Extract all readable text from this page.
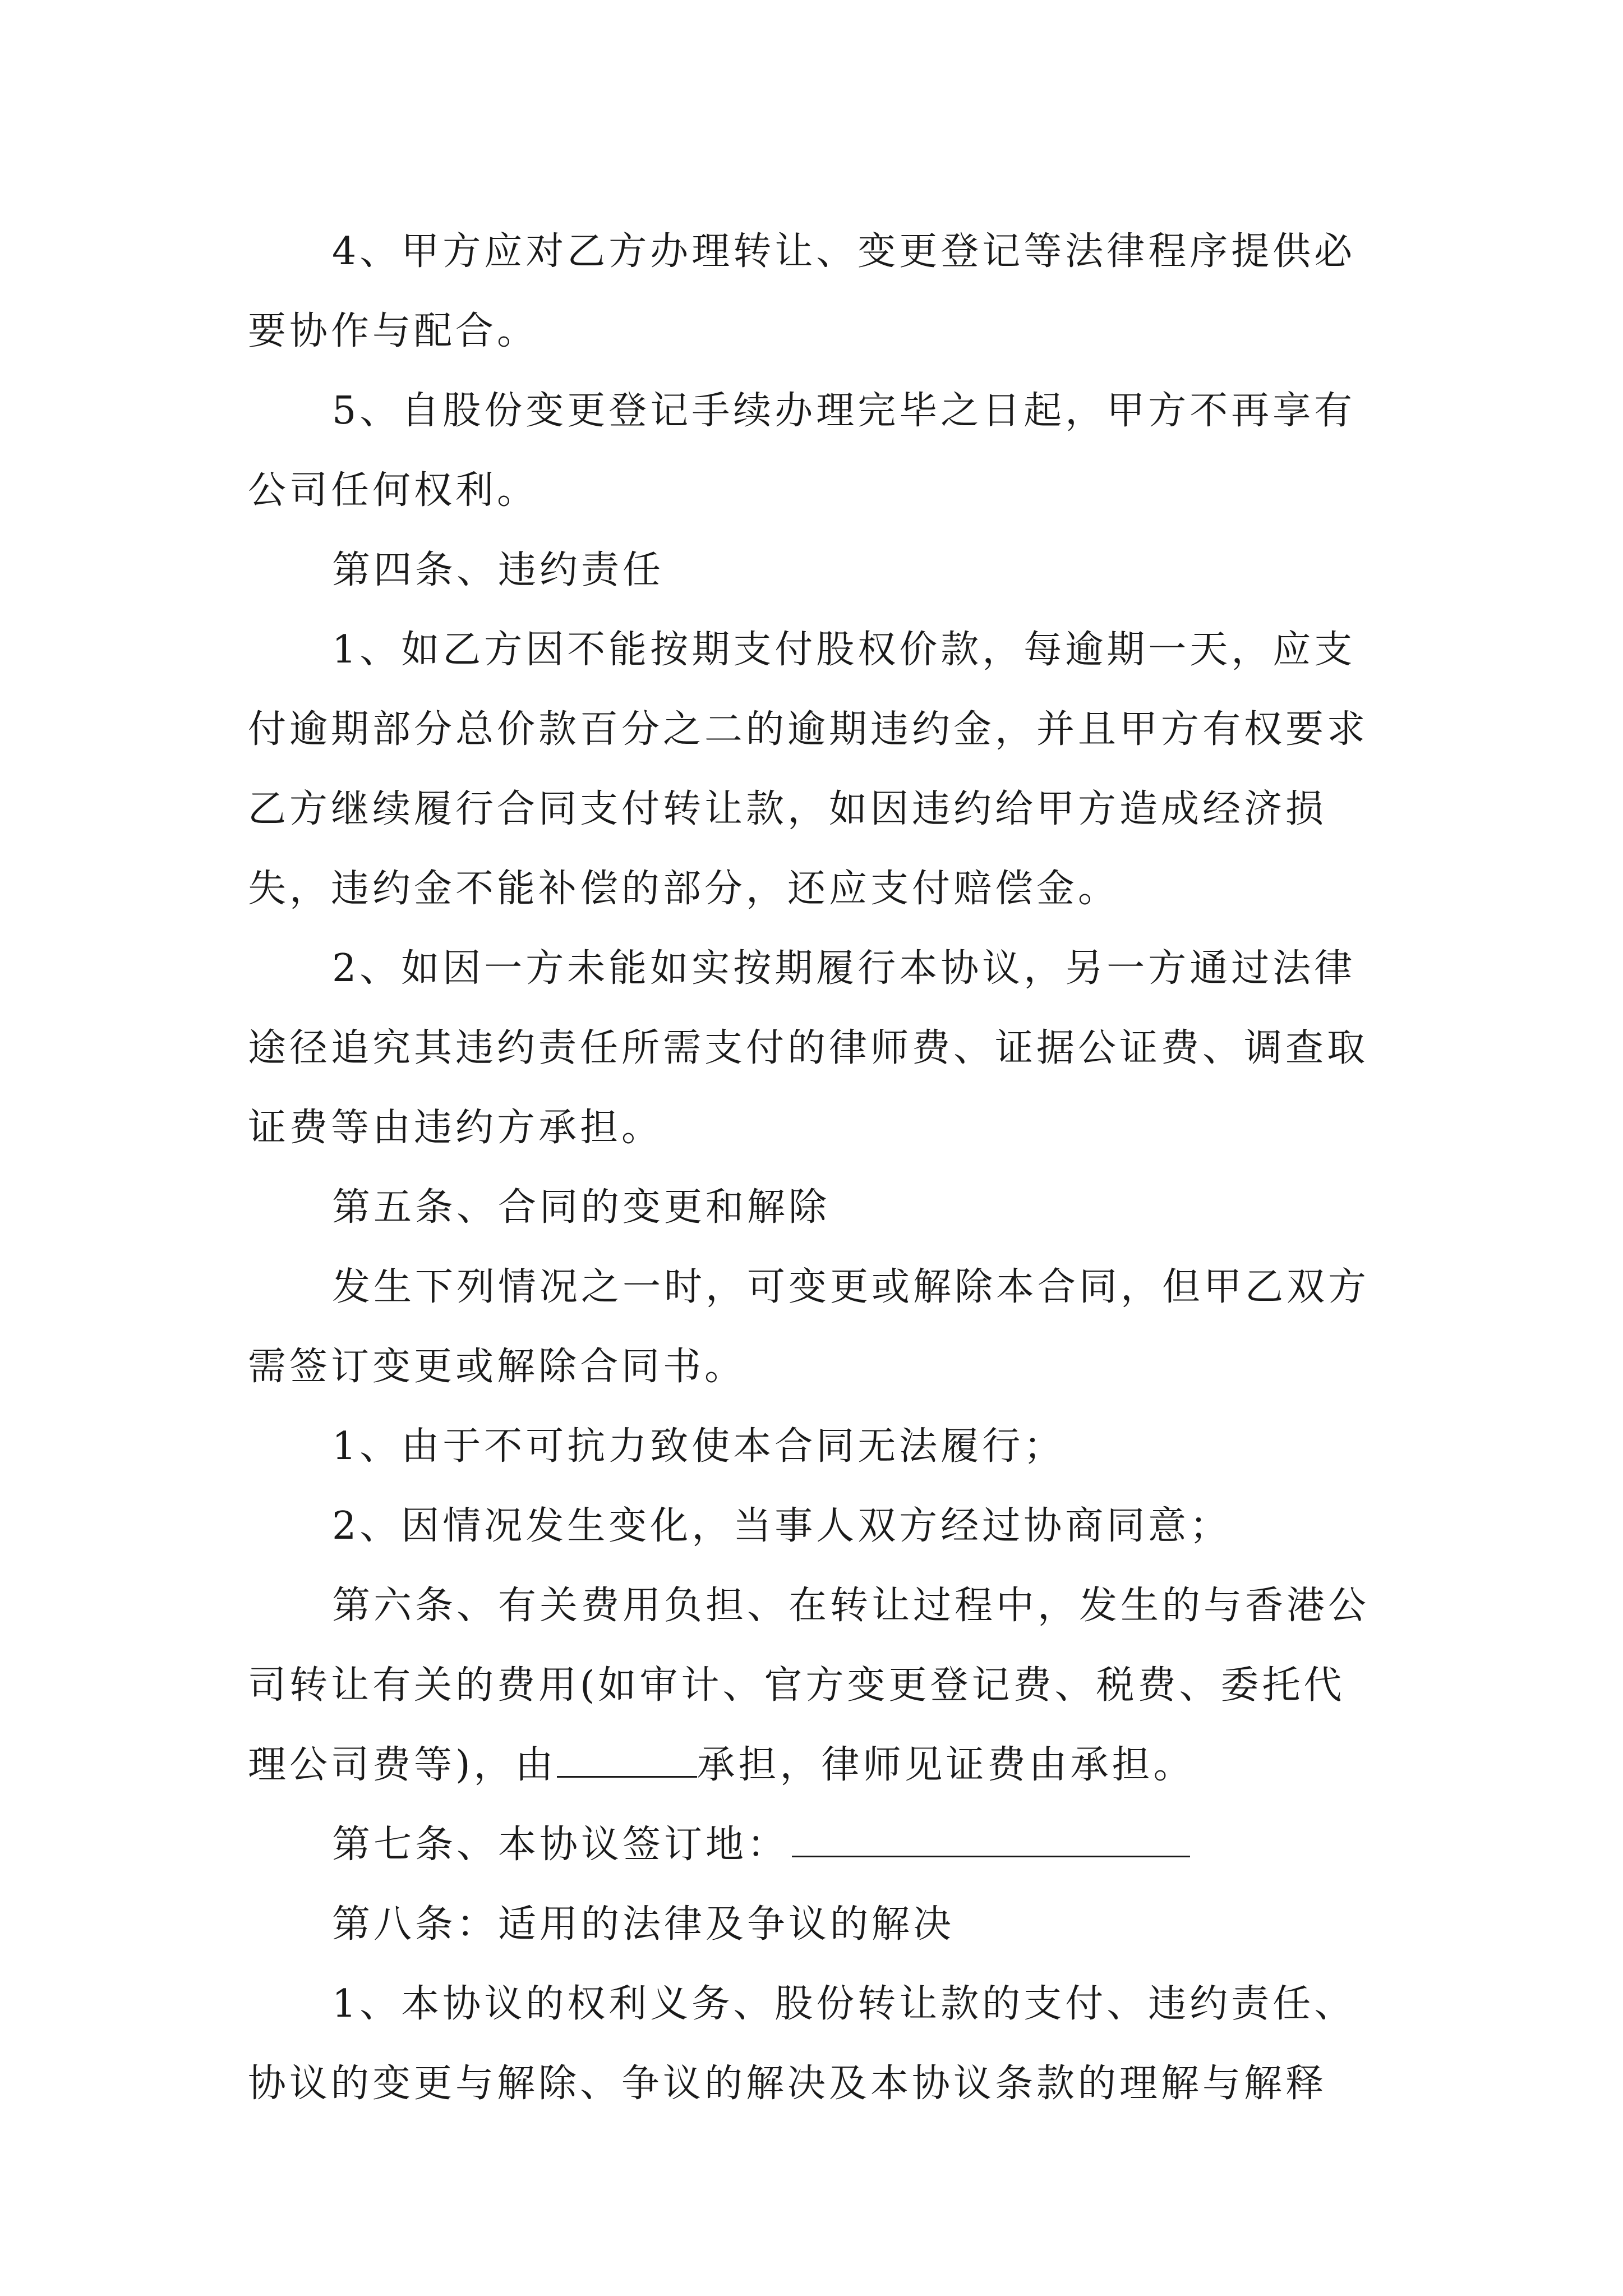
4、甲方应对乙方办理转让、变更登记等法律程序提供必要协作与配合。

5、自股份变更登记手续办理完毕之日起，甲方不再享有公司任何权利。

第四条、违约责任

1、如乙方因不能按期支付股权价款，每逾期一天，应支付逾期部分总价款百分之二的逾期违约金，并且甲方有权要求乙方继续履行合同支付转让款，如因违约给甲方造成经济损失，违约金不能补偿的部分，还应支付赔偿金。

2、如因一方未能如实按期履行本协议，另一方通过法律途径追究其违约责任所需支付的律师费、证据公证费、调查取证费等由违约方承担。

第五条、合同的变更和解除

发生下列情况之一时，可变更或解除本合同，但甲乙双方需签订变更或解除合同书。

1、由于不可抗力致使本合同无法履行；

2、因情况发生变化，当事人双方经过协商同意；

第六条、有关费用负担、在转让过程中，发生的与香港公司转让有关的费用(如审计、官方变更登记费、税费、委托代理公司费等)，由	承担，律师见证费由承担。

第七条、本协议签订地：

第八条：适用的法律及争议的解决

1、本协议的权利义务、股份转让款的支付、违约责任、协议的变更与解除、争议的解决及本协议条款的理解与解释
